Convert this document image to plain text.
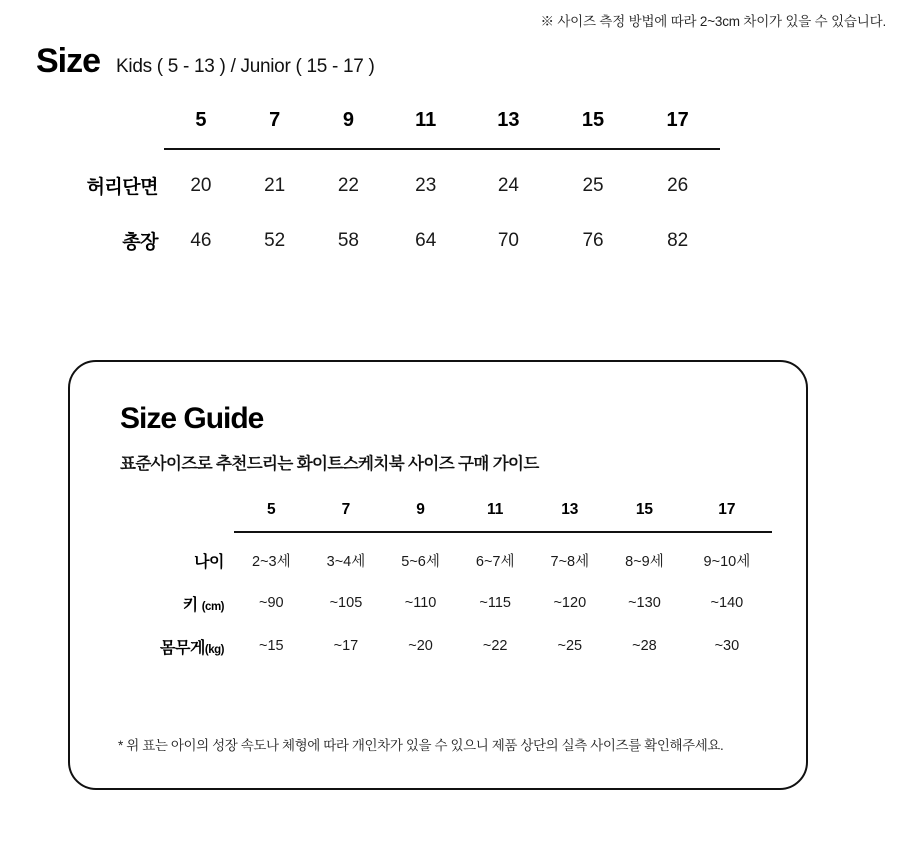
※ 사이즈 측정 방법에 따라 2~3cm 차이가 있을 수 있습니다.
Size Kids ( 5 - 13 ) / Junior ( 15 - 17 )
	5	7	9	11	13	15	17

허리단면	20	21	22	23	24	25	26
총장	46	52	58	64	70	76	82
Size Guide
표준사이즈로 추천드리는 화이트스케치북 사이즈 구매 가이드
	5	7	9	11	13	15	17

나이	2~3세	3~4세	5~6세	6~7세	7~8세	8~9세	9~10세
키 (cm)	~90	~105	~110	~115	~120	~130	~140
몸무게(kg)	~15	~17	~20	~22	~25	~28	~30
* 위 표는 아이의 성장 속도나 체형에 따라 개인차가 있을 수 있으니 제품 상단의 실측 사이즈를 확인해주세요.
